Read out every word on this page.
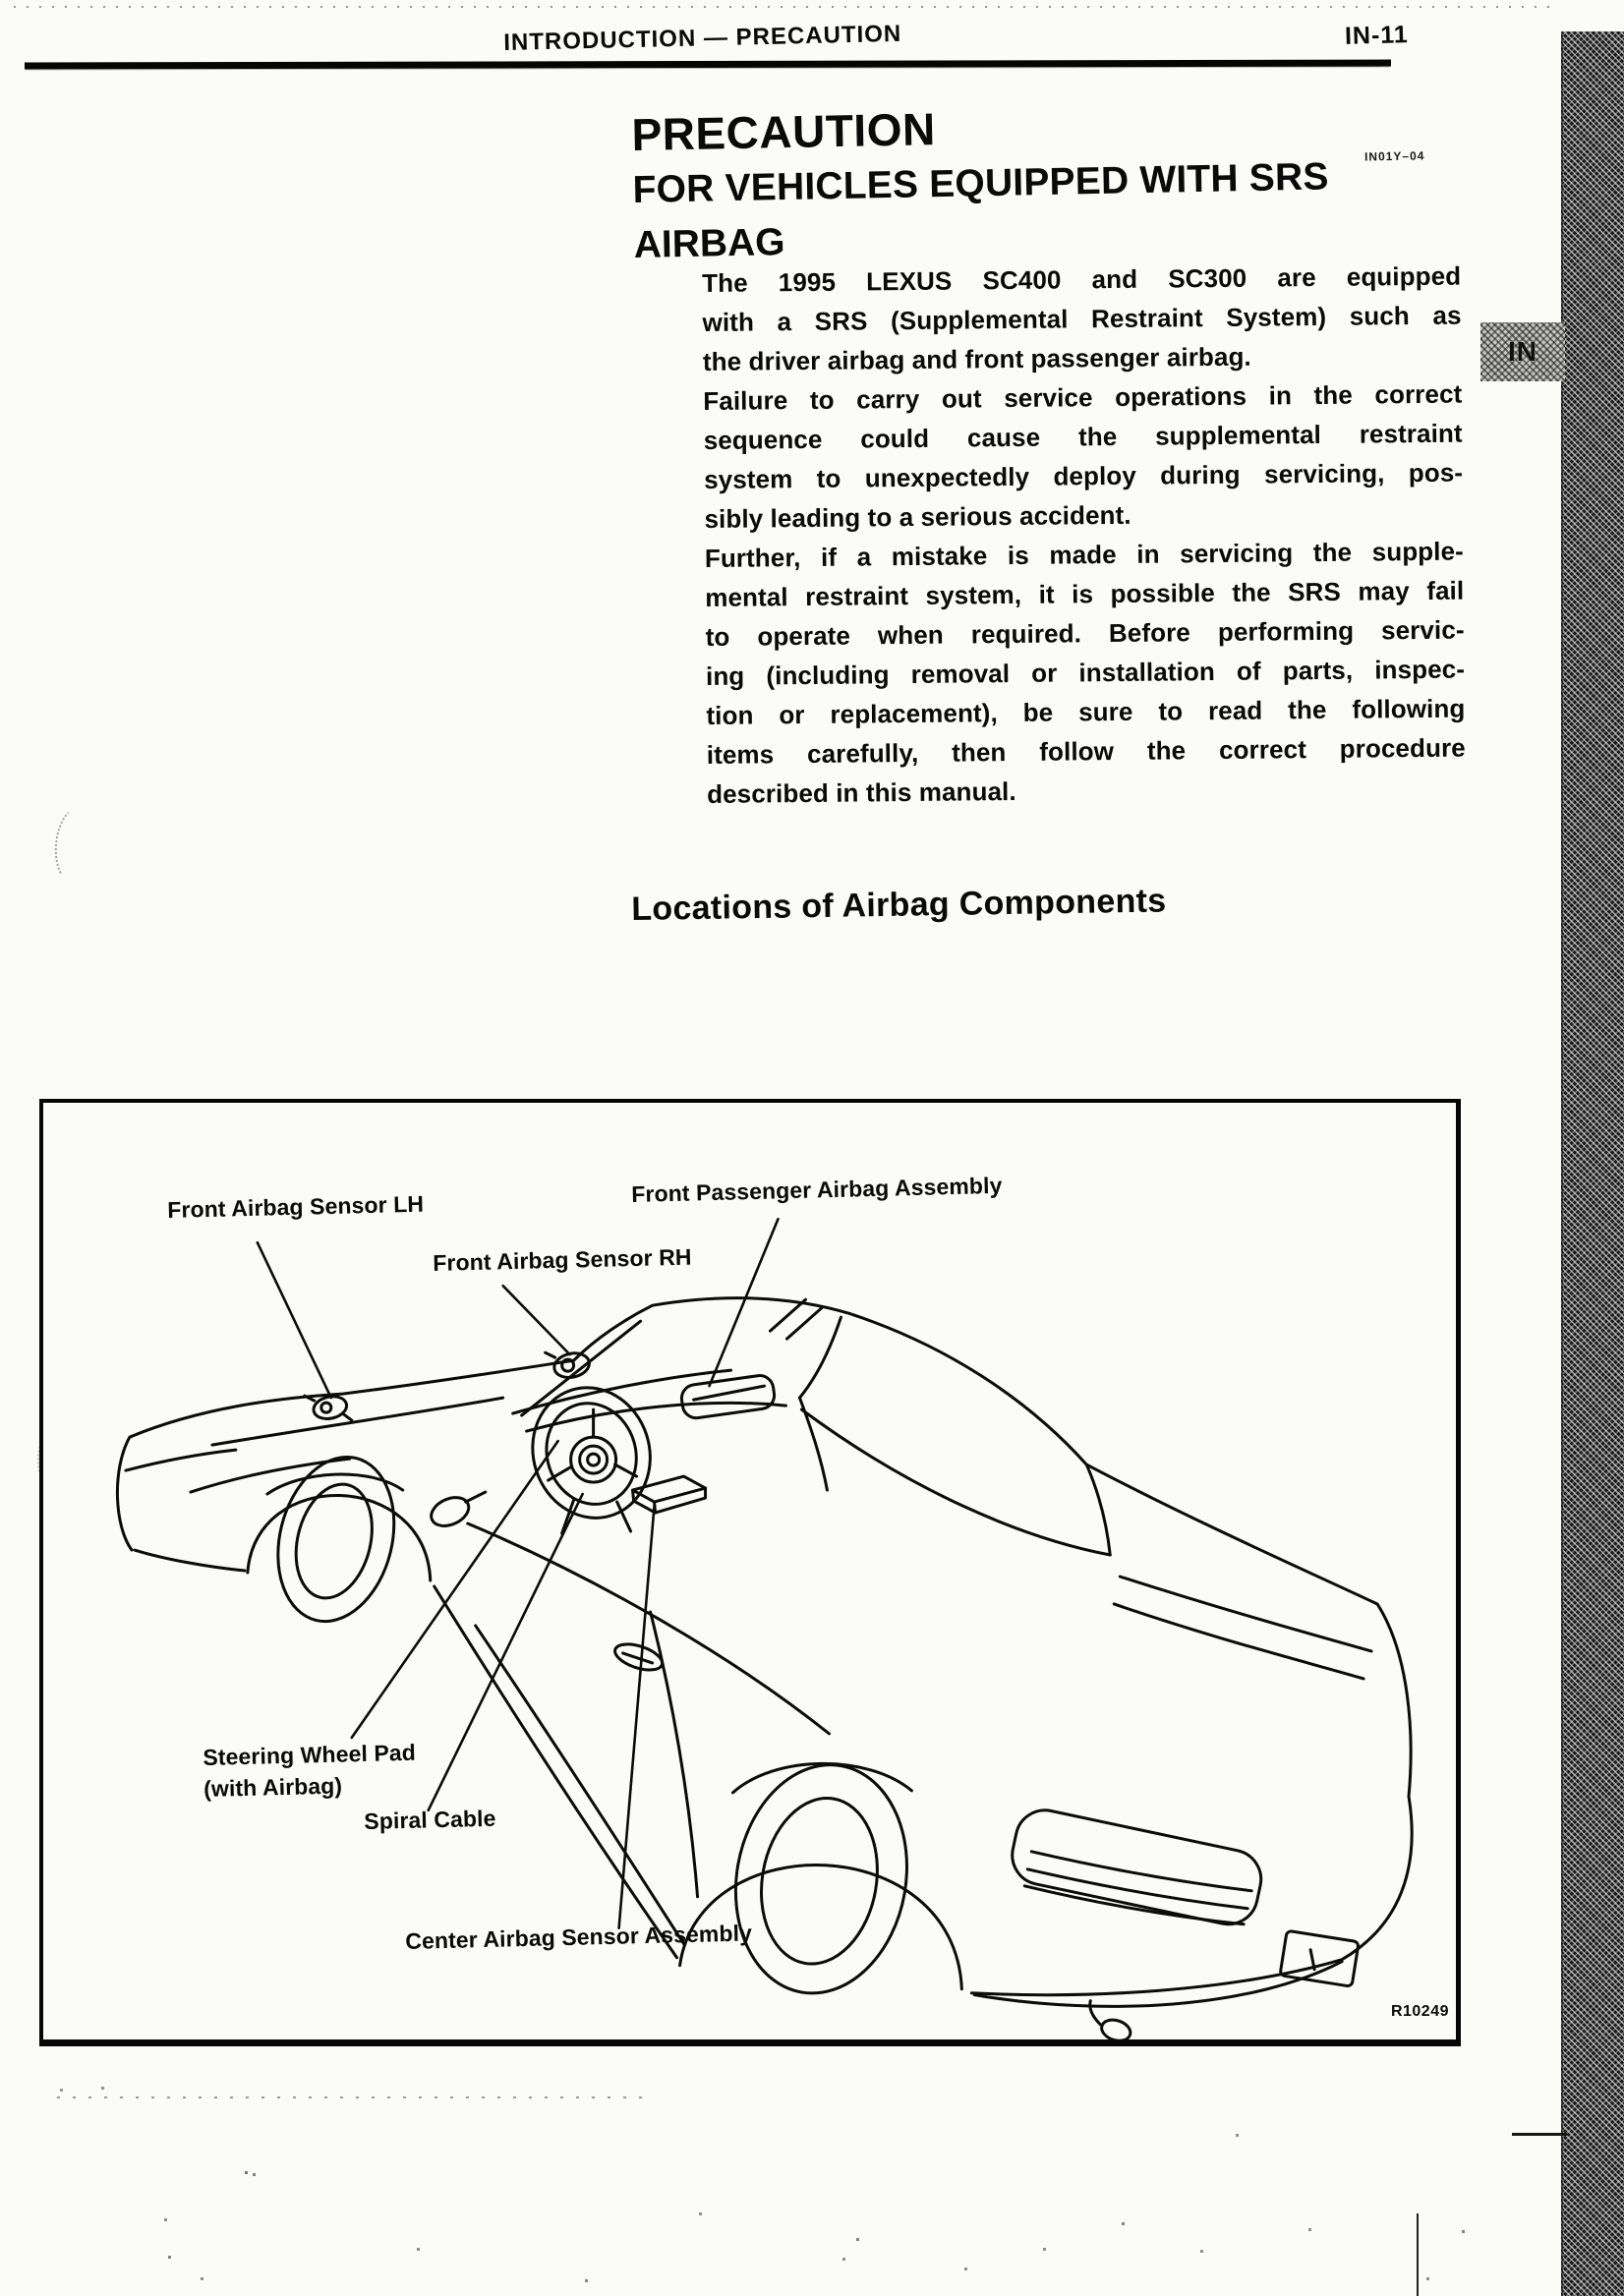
INTRODUCTION — PRECAUTION	IN-11
PRECAUTION
FOR VEHICLES EQUIPPED WITH SRS
AIRBAG
IN01Y–04
The 1995 LEXUS SC400 and SC300 are equipped
with a SRS (Supplemental Restraint System) such as
the driver airbag and front passenger airbag.
Failure to carry out service operations in the correct
sequence could cause the supplemental restraint
system to unexpectedly deploy during servicing, pos-
sibly leading to a serious accident.
Further, if a mistake is made in servicing the supple-
mental restraint system, it is possible the SRS may fail
to operate when required. Before performing servic-
ing (including removal or installation of parts, inspec-
tion or replacement), be sure to read the following
items carefully, then follow the correct procedure
described in this manual.
Locations of Airbag Components
Front Airbag Sensor LH	Front Passenger Airbag Assembly
Front Airbag Sensor RH
Steering Wheel Pad
(with Airbag)
Spiral Cable
Center Airbag Sensor Assembly
R10249
IN
